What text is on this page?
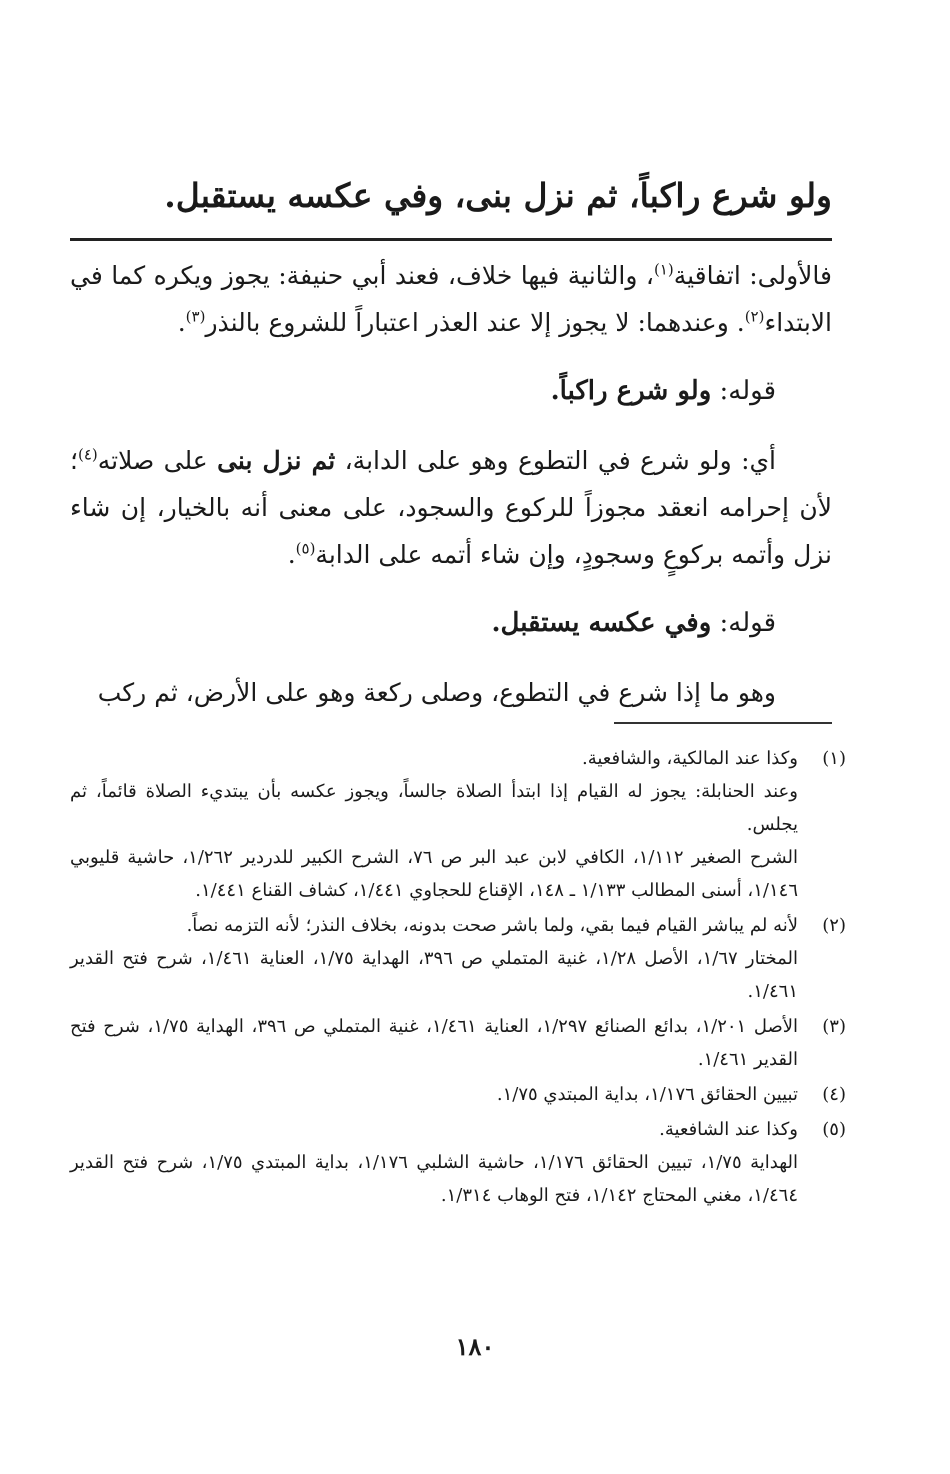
ولو شرع راكباً، ثم نزل بنى، وفي عكسه يستقبل.

فالأولى: اتفاقية$^{(١)}$، والثانية فيها خلاف، فعند أبي حنيفة: يجوز ويكره كما في الابتداء$^{(٢)}$. وعندهما: لا يجوز إلا عند العذر اعتباراً للشروع بالنذر$^{(٣)}$.

قوله: ولو شرع راكباً.

أي: ولو شرع في التطوع وهو على الدابة، ثم نزل بنى على صلاته$^{(٤)}$؛ لأن إحرامه انعقد مجوزاً للركوع والسجود، على معنى أنه بالخيار، إن شاء نزل وأتمه بركوعٍ وسجودٍ، وإن شاء أتمه على الدابة$^{(٥)}$.

قوله: وفي عكسه يستقبل.

وهو ما إذا شرع في التطوع، وصلى ركعة وهو على الأرض، ثم ركب

(١)

وكذا عند المالكية، والشافعية.

وعند الحنابلة: يجوز له القيام إذا ابتدأ الصلاة جالساً، ويجوز عكسه بأن يبتديء الصلاة قائماً، ثم يجلس.

الشرح الصغير ١/١١٢، الكافي لابن عبد البر ص ٧٦، الشرح الكبير للدردير ١/٢٦٢، حاشية قليوبي ١/١٤٦، أسنى المطالب ١/١٣٣ ـ ١٤٨، الإقناع للحجاوي ١/٤٤١، كشاف القناع ١/٤٤١.

(٢)

لأنه لم يباشر القيام فيما بقي، ولما باشر صحت بدونه، بخلاف النذر؛ لأنه التزمه نصاً.

المختار ١/٦٧، الأصل ١/٢٨، غنية المتملي ص ٣٩٦، الهداية ١/٧٥، العناية ١/٤٦١، شرح فتح القدير ١/٤٦١.

(٣)

الأصل ١/٢٠١، بدائع الصنائع ١/٢٩٧، العناية ١/٤٦١، غنية المتملي ص ٣٩٦، الهداية ١/٧٥، شرح فتح القدير ١/٤٦١.

(٤)

تبيين الحقائق ١/١٧٦، بداية المبتدي ١/٧٥.

(٥)

وكذا عند الشافعية.

الهداية ١/٧٥، تبيين الحقائق ١/١٧٦، حاشية الشلبي ١/١٧٦، بداية المبتدي ١/٧٥، شرح فتح القدير ١/٤٦٤، مغني المحتاج ١/١٤٢، فتح الوهاب ١/٣١٤.

١٨٠
